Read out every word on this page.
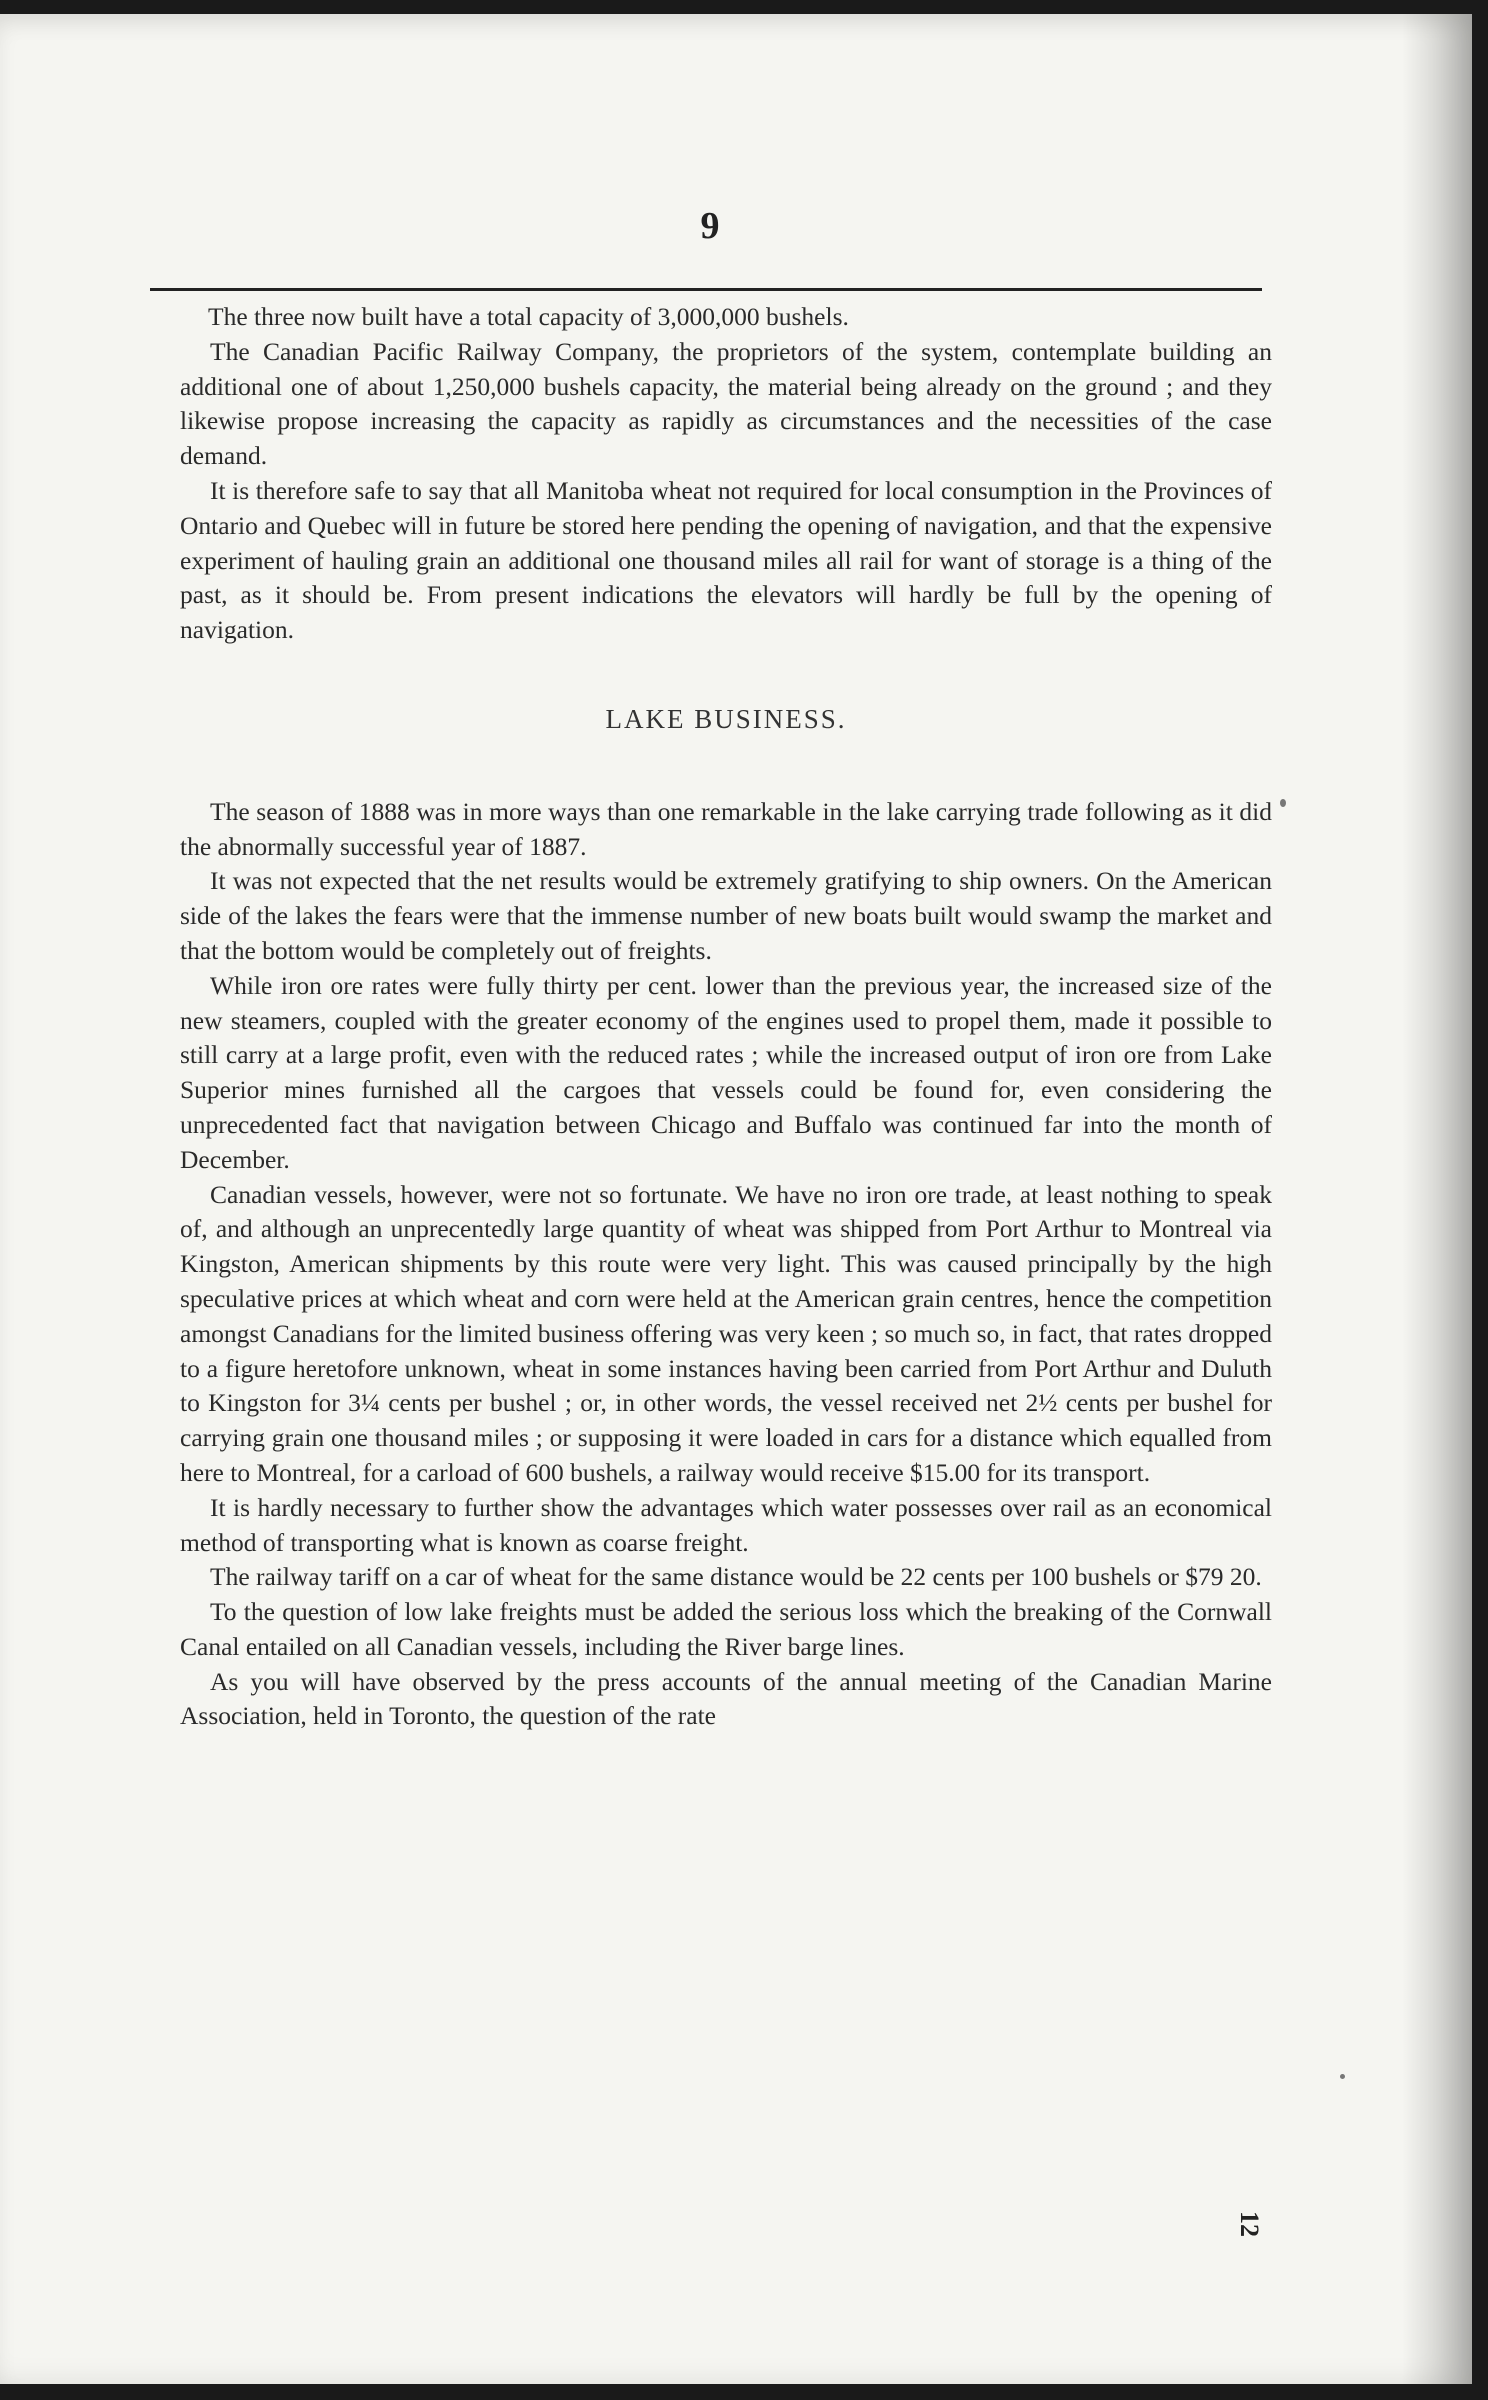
9

The three now built have a total capacity of 3,000,000 bushels.

The Canadian Pacific Railway Company, the proprietors of the system, contemplate building an additional one of about 1,250,000 bushels capacity, the material being already on the ground ; and they likewise propose increasing the capacity as rapidly as circumstances and the necessities of the case demand.

It is therefore safe to say that all Manitoba wheat not required for local consumption in the Provinces of Ontario and Quebec will in future be stored here pending the opening of navigation, and that the expensive experiment of hauling grain an additional one thousand miles all rail for want of storage is a thing of the past, as it should be. From present indications the elevators will hardly be full by the opening of navigation.

LAKE BUSINESS.

The season of 1888 was in more ways than one remarkable in the lake carrying trade following as it did the abnormally successful year of 1887.

It was not expected that the net results would be extremely gratifying to ship owners. On the American side of the lakes the fears were that the immense number of new boats built would swamp the market and that the bottom would be completely out of freights.

While iron ore rates were fully thirty per cent. lower than the previous year, the increased size of the new steamers, coupled with the greater economy of the engines used to propel them, made it possible to still carry at a large profit, even with the reduced rates ; while the increased output of iron ore from Lake Superior mines furnished all the cargoes that vessels could be found for, even considering the unprecedented fact that navigation between Chicago and Buffalo was continued far into the month of December.

Canadian vessels, however, were not so fortunate. We have no iron ore trade, at least nothing to speak of, and although an unprecentedly large quantity of wheat was shipped from Port Arthur to Montreal via Kingston, American shipments by this route were very light. This was caused principally by the high speculative prices at which wheat and corn were held at the American grain centres, hence the competition amongst Canadians for the limited business offering was very keen ; so much so, in fact, that rates dropped to a figure heretofore unknown, wheat in some instances having been carried from Port Arthur and Duluth to Kingston for 3¼ cents per bushel ; or, in other words, the vessel received net 2½ cents per bushel for carrying grain one thousand miles ; or supposing it were loaded in cars for a distance which equalled from here to Montreal, for a carload of 600 bushels, a railway would receive $15.00 for its transport.

It is hardly necessary to further show the advantages which water possesses over rail as an economical method of transporting what is known as coarse freight.

The railway tariff on a car of wheat for the same distance would be 22 cents per 100 bushels or $79 20.

To the question of low lake freights must be added the serious loss which the breaking of the Cornwall Canal entailed on all Canadian vessels, including the River barge lines.

As you will have observed by the press accounts of the annual meeting of the Canadian Marine Association, held in Toronto, the question of the rate

12
